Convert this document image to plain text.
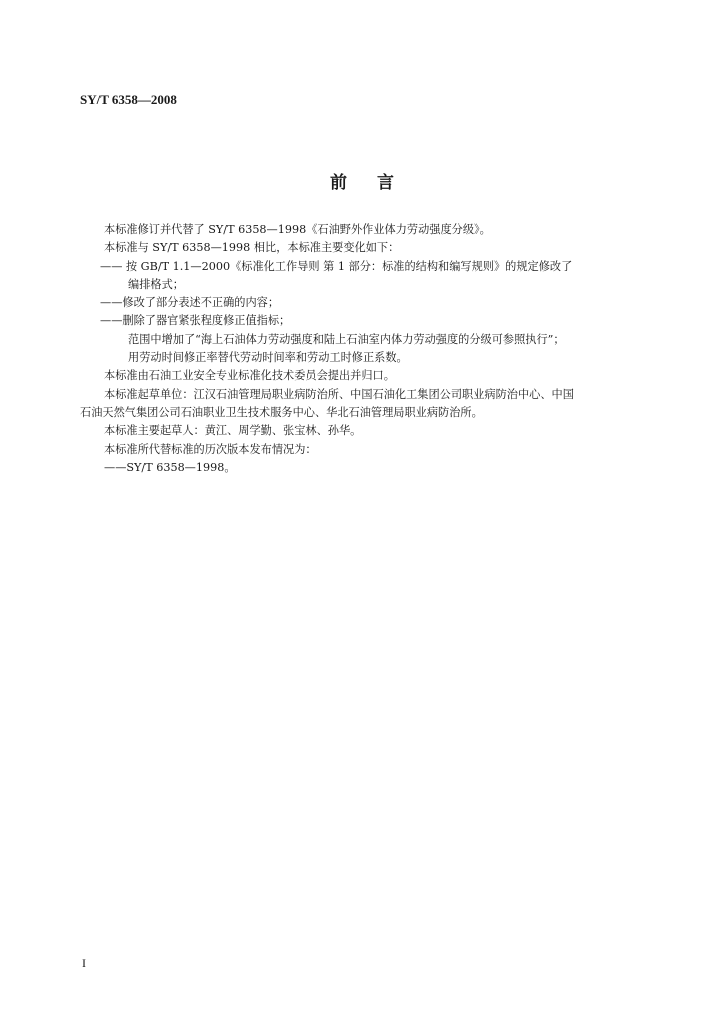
SY/T 6358—2008
前言
本标准修订并代替了 SY/T 6358—1998《石油野外作业体力劳动强度分级》。
本标准与 SY/T 6358—1998 相比，本标准主要变化如下：
—— 按 GB/T 1.1—2000《标准化工作导则 第 1 部分：标准的结构和编写规则》的规定修改了
编排格式；
——修改了部分表述不正确的内容；
——删除了器官紧张程度修正值指标；
范围中增加了“海上石油体力劳动强度和陆上石油室内体力劳动强度的分级可参照执行”；
用劳动时间修正率替代劳动时间率和劳动工时修正系数。
本标准由石油工业安全专业标准化技术委员会提出并归口。
本标准起草单位：江汉石油管理局职业病防治所、中国石油化工集团公司职业病防治中心、中国
石油天然气集团公司石油职业卫生技术服务中心、华北石油管理局职业病防治所。
本标准主要起草人：黄江、周学勤、张宝林、孙华。
本标准所代替标准的历次版本发布情况为：
——SY/T 6358—1998。
I
